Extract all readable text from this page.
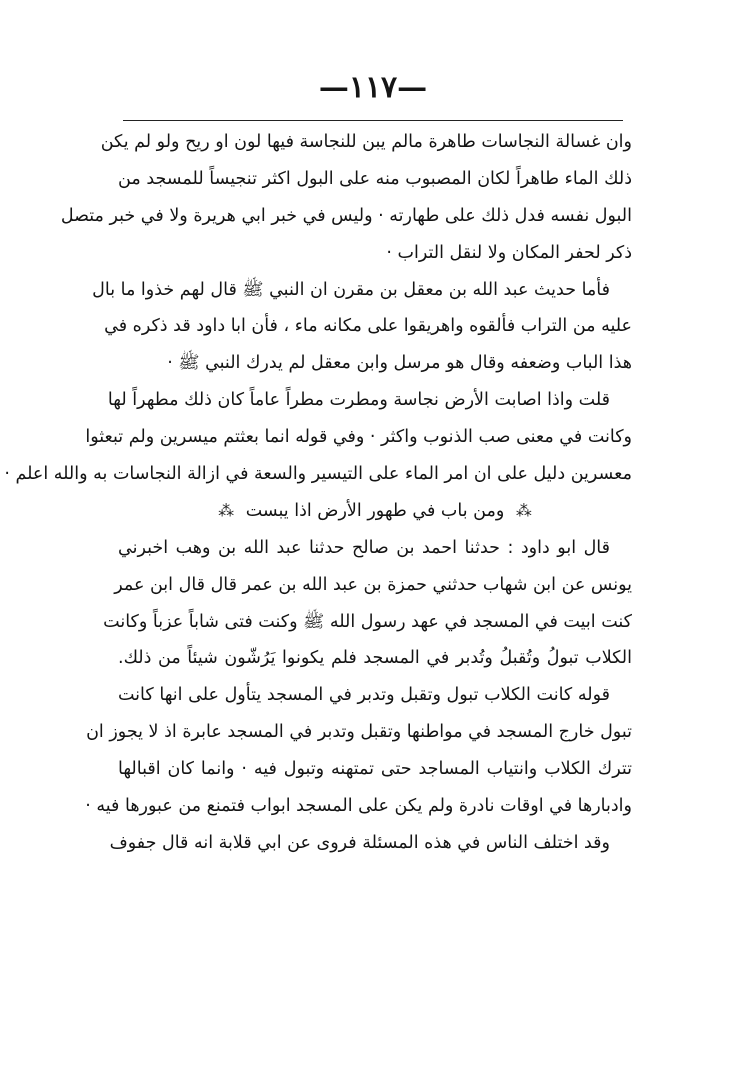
—١١٧—
وان غسالة النجاسات طاهرة مالم يبن للنجاسة فيها لون او ريح ولو لم يكن
ذلك الماء طاهراً لكان المصبوب منه على البول اكثر تنجيساً للمسجد من
البول نفسه فدل ذلك على طهارته · وليس في خبر ابي هريرة ولا في خبر متصل
ذكر لحفر المكان ولا لنقل التراب ·
فأما حديث عبد الله بن معقل بن مقرن ان النبي ﷺ قال لهم خذوا ما بال
عليه من التراب فألقوه واهريقوا على مكانه ماء ، فأن ابا داود قد ذكره في
هذا الباب وضعفه وقال هو مرسل وابن معقل لم يدرك النبي ﷺ ·
قلت واذا اصابت الأرض نجاسة ومطرت مطراً عاماً كان ذلك مطهراً لها
وكانت في معنى صب الذنوب واكثر · وفي قوله انما بعثتم ميسرين ولم تبعثوا
معسرين دليل على ان امر الماء على التيسير والسعة في ازالة النجاسات به والله اعلم ·
⁂ ومن باب في طهور الأرض اذا يبست ⁂
قال ابو داود : حدثنا احمد بن صالح حدثنا عبد الله بن وهب اخبرني
يونس عن ابن شهاب حدثني حمزة بن عبد الله بن عمر قال قال ابن عمر
كنت ابيت في المسجد في عهد رسول الله ﷺ وكنت فتى شاباً عزباً وكانت
الكلاب تبولُ وتُقبلُ وتُدبر في المسجد فلم يكونوا يَرُشّون شيئاً من ذلك.
قوله كانت الكلاب تبول وتقبل وتدبر في المسجد يتأول على انها كانت
تبول خارج المسجد في مواطنها وتقبل وتدبر في المسجد عابرة اذ لا يجوز ان
تترك الكلاب وانتياب المساجد حتى تمتهنه وتبول فيه · وانما كان اقبالها
وادبارها في اوقات نادرة ولم يكن على المسجد ابواب فتمنع من عبورها فيه ·
وقد اختلف الناس في هذه المسئلة فروى عن ابي قلابة انه قال جفوف
